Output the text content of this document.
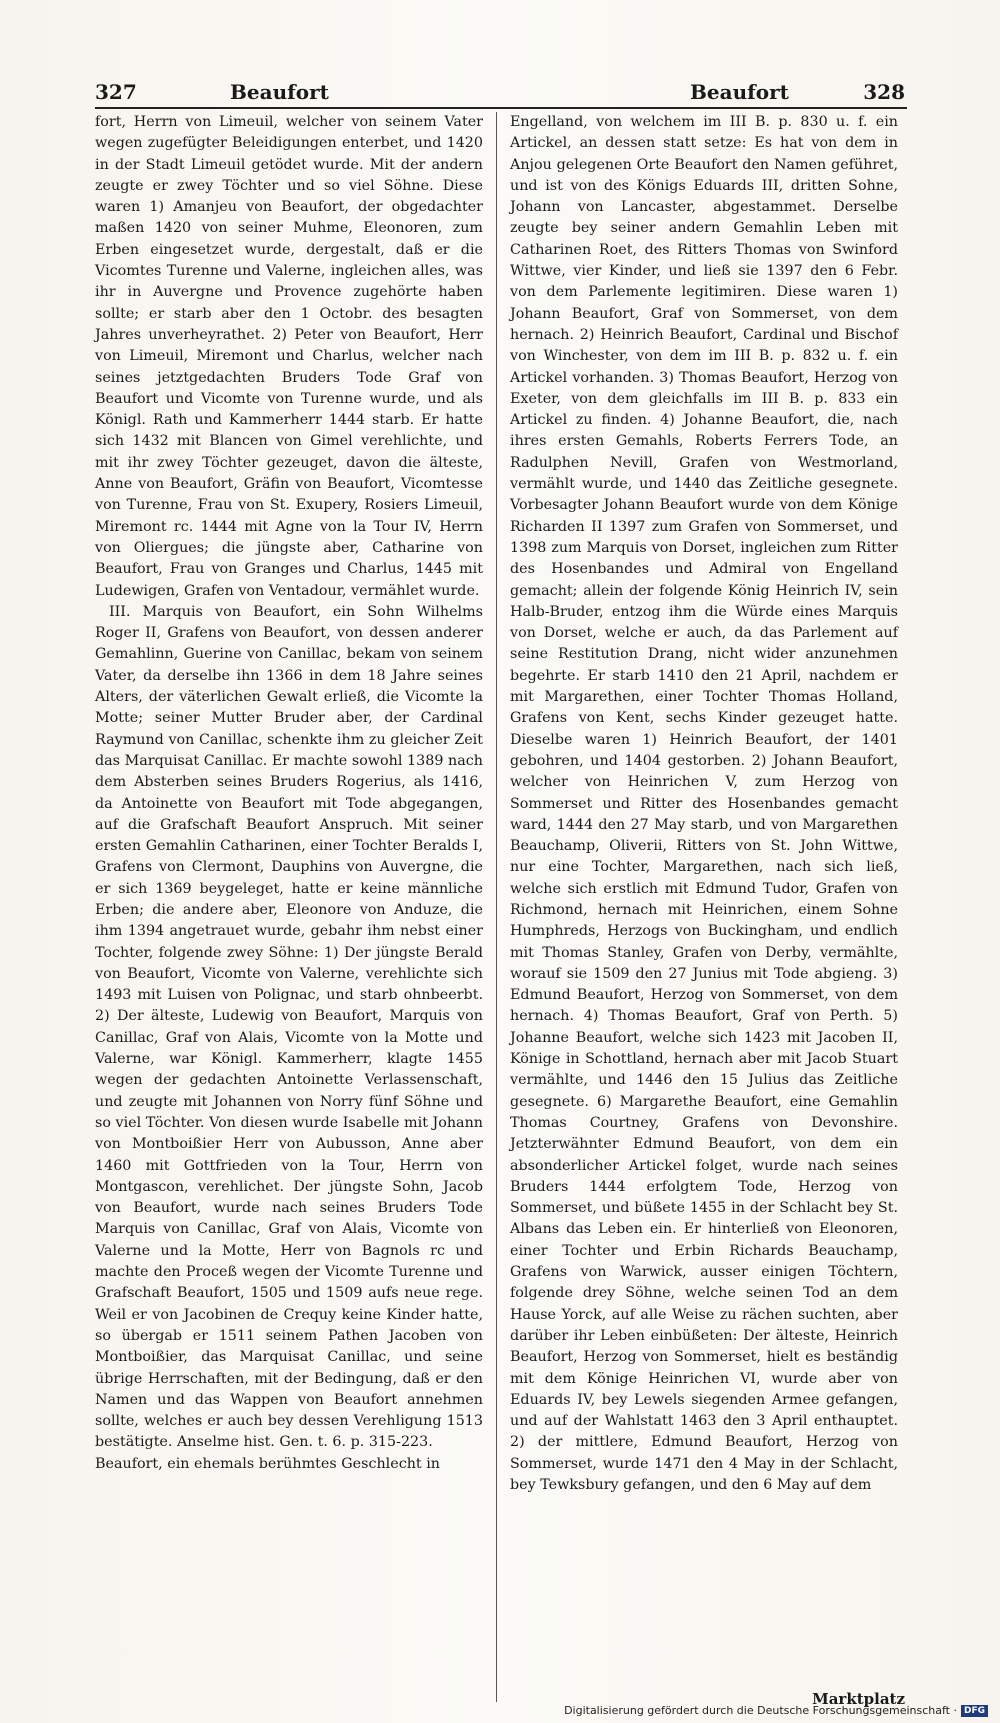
327	Beaufort	Beaufort	328

fort, Herrn von Limeuil, welcher von seinem Vater wegen zugefügter Beleidigungen enterbet, und 1420 in der Stadt Limeuil getödet wurde. Mit der andern zeugte er zwey Töchter und so viel Söhne. Diese waren 1) Amanjeu von Beaufort, der obgedachter maßen 1420 von seiner Muhme, Eleonoren, zum Erben eingesetzet wurde, dergestalt, daß er die Vicomtes Turenne und Valerne, ingleichen alles, was ihr in Auvergne und Provence zugehörte haben sollte; er starb aber den 1 Octobr. des besagten Jahres unverheyrathet. 2) Peter von Beaufort, Herr von Limeuil, Miremont und Charlus, welcher nach seines jetztgedachten Bruders Tode Graf von Beaufort und Vicomte von Turenne wurde, und als Königl. Rath und Kammerherr 1444 starb. Er hatte sich 1432 mit Blancen von Gimel verehlichte, und mit ihr zwey Töchter gezeuget, davon die älteste, Anne von Beaufort, Gräfin von Beaufort, Vicomtesse von Turenne, Frau von St. Exupery, Rosiers Limeuil, Miremont rc. 1444 mit Agne von la Tour IV, Herrn von Oliergues; die jüngste aber, Catharine von Beaufort, Frau von Granges und Charlus, 1445 mit Ludewigen, Grafen von Ventadour, vermählet wurde.

III. Marquis von Beaufort, ein Sohn Wilhelms Roger II, Grafens von Beaufort, von dessen anderer Gemahlinn, Guerine von Canillac, bekam von seinem Vater, da derselbe ihn 1366 in dem 18 Jahre seines Alters, der väterlichen Gewalt erließ, die Vicomte la Motte; seiner Mutter Bruder aber, der Cardinal Raymund von Canillac, schenkte ihm zu gleicher Zeit das Marquisat Canillac. Er machte sowohl 1389 nach dem Absterben seines Bruders Rogerius, als 1416, da Antoinette von Beaufort mit Tode abgegangen, auf die Grafschaft Beaufort Anspruch. Mit seiner ersten Gemahlin Catharinen, einer Tochter Beralds I, Grafens von Clermont, Dauphins von Auvergne, die er sich 1369 beygeleget, hatte er keine männliche Erben; die andere aber, Eleonore von Anduze, die ihm 1394 angetrauet wurde, gebahr ihm nebst einer Tochter, folgende zwey Söhne: 1) Der jüngste Berald von Beaufort, Vicomte von Valerne, verehlichte sich 1493 mit Luisen von Polignac, und starb ohnbeerbt. 2) Der älteste, Ludewig von Beaufort, Marquis von Canillac, Graf von Alais, Vicomte von la Motte und Valerne, war Königl. Kammerherr, klagte 1455 wegen der gedachten Antoinette Verlassenschaft, und zeugte mit Johannen von Norry fünf Söhne und so viel Töchter. Von diesen wurde Isabelle mit Johann von Montboißier Herr von Aubusson, Anne aber 1460 mit Gottfrieden von la Tour, Herrn von Montgascon, verehlichet. Der jüngste Sohn, Jacob von Beaufort, wurde nach seines Bruders Tode Marquis von Canillac, Graf von Alais, Vicomte von Valerne und la Motte, Herr von Bagnols rc und machte den Proceß wegen der Vicomte Turenne und Grafschaft Beaufort, 1505 und 1509 aufs neue rege. Weil er von Jacobinen de Crequy keine Kinder hatte, so übergab er 1511 seinem Pathen Jacoben von Montboißier, das Marquisat Canillac, und seine übrige Herrschaften, mit der Bedingung, daß er den Namen und das Wappen von Beaufort annehmen sollte, welches er auch bey dessen Verehligung 1513 bestätigte. Anselme hist. Gen. t. 6. p. 315-223.

Beaufort, ein ehemals berühmtes Geschlecht in

Engelland, von welchem im III B. p. 830 u. f. ein Artickel, an dessen statt setze: Es hat von dem in Anjou gelegenen Orte Beaufort den Namen geführet, und ist von des Königs Eduards III, dritten Sohne, Johann von Lancaster, abgestammet. Derselbe zeugte bey seiner andern Gemahlin Leben mit Catharinen Roet, des Ritters Thomas von Swinford Wittwe, vier Kinder, und ließ sie 1397 den 6 Febr. von dem Parlemente legitimiren. Diese waren 1) Johann Beaufort, Graf von Sommerset, von dem hernach. 2) Heinrich Beaufort, Cardinal und Bischof von Winchester, von dem im III B. p. 832 u. f. ein Artickel vorhanden. 3) Thomas Beaufort, Herzog von Exeter, von dem gleichfalls im III B. p. 833 ein Artickel zu finden. 4) Johanne Beaufort, die, nach ihres ersten Gemahls, Roberts Ferrers Tode, an Radulphen Nevill, Grafen von Westmorland, vermählt wurde, und 1440 das Zeitliche gesegnete. Vorbesagter Johann Beaufort wurde von dem Könige Richarden II 1397 zum Grafen von Sommerset, und 1398 zum Marquis von Dorset, ingleichen zum Ritter des Hosenbandes und Admiral von Engelland gemacht; allein der folgende König Heinrich IV, sein Halb-Bruder, entzog ihm die Würde eines Marquis von Dorset, welche er auch, da das Parlement auf seine Restitution Drang, nicht wider anzunehmen begehrte. Er starb 1410 den 21 April, nachdem er mit Margarethen, einer Tochter Thomas Holland, Grafens von Kent, sechs Kinder gezeuget hatte. Dieselbe waren 1) Heinrich Beaufort, der 1401 gebohren, und 1404 gestorben. 2) Johann Beaufort, welcher von Heinrichen V, zum Herzog von Sommerset und Ritter des Hosenbandes gemacht ward, 1444 den 27 May starb, und von Margarethen Beauchamp, Oliverii, Ritters von St. John Wittwe, nur eine Tochter, Margarethen, nach sich ließ, welche sich erstlich mit Edmund Tudor, Grafen von Richmond, hernach mit Heinrichen, einem Sohne Humphreds, Herzogs von Buckingham, und endlich mit Thomas Stanley, Grafen von Derby, vermählte, worauf sie 1509 den 27 Junius mit Tode abgieng. 3) Edmund Beaufort, Herzog von Sommerset, von dem hernach. 4) Thomas Beaufort, Graf von Perth. 5) Johanne Beaufort, welche sich 1423 mit Jacoben II, Könige in Schottland, hernach aber mit Jacob Stuart vermählte, und 1446 den 15 Julius das Zeitliche gesegnete. 6) Margarethe Beaufort, eine Gemahlin Thomas Courtney, Grafens von Devonshire. Jetzterwähnter Edmund Beaufort, von dem ein absonderlicher Artickel folget, wurde nach seines Bruders 1444 erfolgtem Tode, Herzog von Sommerset, und büßete 1455 in der Schlacht bey St. Albans das Leben ein. Er hinterließ von Eleonoren, einer Tochter und Erbin Richards Beauchamp, Grafens von Warwick, ausser einigen Töchtern, folgende drey Söhne, welche seinen Tod an dem Hause Yorck, auf alle Weise zu rächen suchten, aber darüber ihr Leben einbüßeten: Der älteste, Heinrich Beaufort, Herzog von Sommerset, hielt es beständig mit dem Könige Heinrichen VI, wurde aber von Eduards IV, bey Lewels siegenden Armee gefangen, und auf der Wahlstatt 1463 den 3 April enthauptet. 2) der mittlere, Edmund Beaufort, Herzog von Sommerset, wurde 1471 den 4 May in der Schlacht, bey Tewksbury gefangen, und den 6 May auf dem

Marktplatz
Digitalisierung gefördert durch die Deutsche Forschungsgemeinschaft · DFG
